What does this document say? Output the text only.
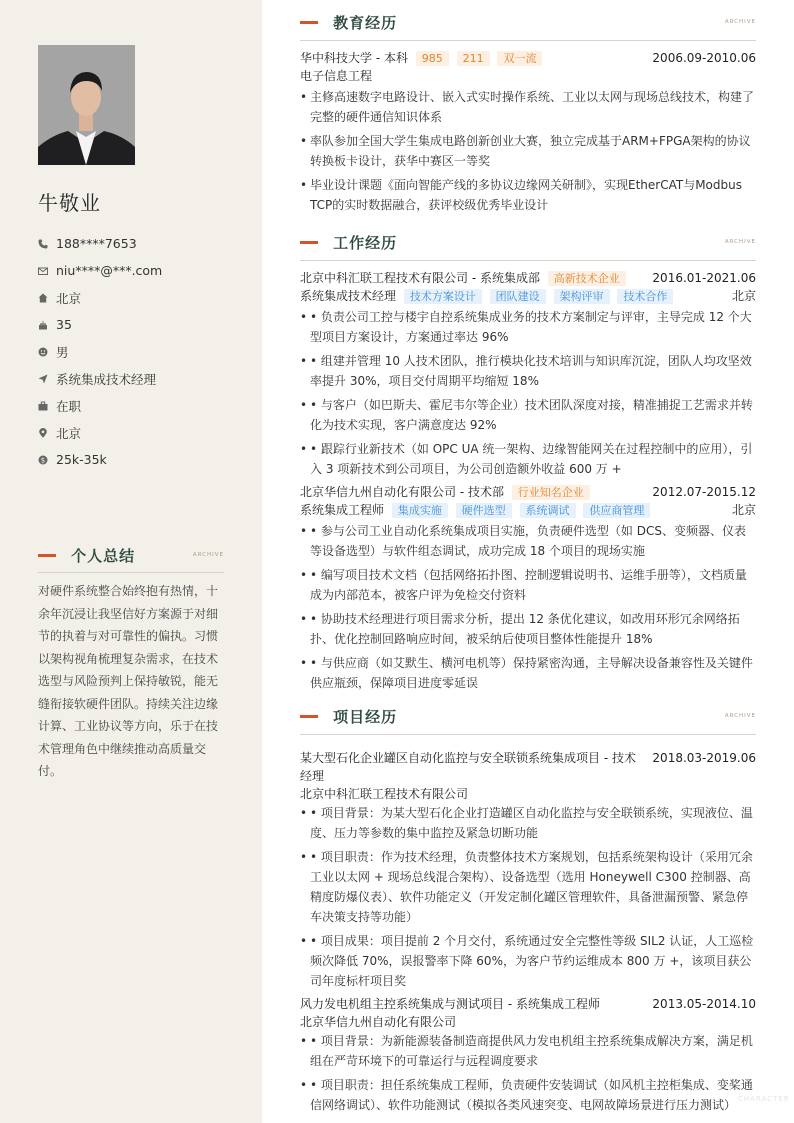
牛敬业
188****7653
niu****@***.com
北京
35
男
系统集成技术经理
在职
北京
$ 25k-35k
个人总结	ARCHIVE
对硬件系统整合始终抱有热情，十余年沉浸让我坚信好方案源于对细节的执着与对可靠性的偏执。习惯以架构视角梳理复杂需求，在技术选型与风险预判上保持敏锐，能无缝衔接软硬件团队。持续关注边缘计算、工业协议等方向，乐于在技术管理角色中继续推动高质量交付。
教育经历	ARCHIVE
华中科技大学 - 本科 985 211 双一流	2006.09-2010.06
电子信息工程
• 主修高速数字电路设计、嵌入式实时操作系统、工业以太网与现场总线技术，构建了完整的硬件通信知识体系
• 率队参加全国大学生集成电路创新创业大赛，独立完成基于ARM+FPGA架构的协议转换板卡设计，获华中赛区一等奖
• 毕业设计课题《面向智能产线的多协议边缘网关研制》，实现EtherCAT与Modbus TCP的实时数据融合，获评校级优秀毕业设计
工作经历	ARCHIVE
北京中科汇联工程技术有限公司 - 系统集成部 高新技术企业	2016.01-2021.06
系统集成技术经理 技术方案设计 团队建设 架构评审 技术合作	北京
• • 负责公司工控与楼宇自控系统集成业务的技术方案制定与评审，主导完成 12 个大型项目方案设计，方案通过率达 96%
• • 组建并管理 10 人技术团队，推行模块化技术培训与知识库沉淀，团队人均攻坚效率提升 30%，项目交付周期平均缩短 18%
• • 与客户（如巴斯夫、霍尼韦尔等企业）技术团队深度对接，精准捕捉工艺需求并转化为技术实现，客户满意度达 92%
• • 跟踪行业新技术（如 OPC UA 统一架构、边缘智能网关在过程控制中的应用），引入 3 项新技术到公司项目，为公司创造额外收益 600 万 +
北京华信九州自动化有限公司 - 技术部 行业知名企业	2012.07-2015.12
系统集成工程师 集成实施 硬件选型 系统调试 供应商管理	北京
• • 参与公司工业自动化系统集成项目实施，负责硬件选型（如 DCS、变频器、仪表等设备选型）与软件组态调试，成功完成 18 个项目的现场实施
• • 编写项目技术文档（包括网络拓扑图、控制逻辑说明书、运维手册等），文档质量成为内部范本，被客户评为免检交付资料
• • 协助技术经理进行项目需求分析，提出 12 条优化建议，如改用环形冗余网络拓扑、优化控制回路响应时间，被采纳后使项目整体性能提升 18%
• • 与供应商（如艾默生、横河电机等）保持紧密沟通，主导解决设备兼容性及关键件供应瓶颈，保障项目进度零延误
项目经历	ARCHIVE
某大型石化企业罐区自动化监控与安全联锁系统集成项目 - 技术 2018.03-2019.06
经理
北京中科汇联工程技术有限公司
• • 项目背景：为某大型石化企业打造罐区自动化监控与安全联锁系统，实现液位、温度、压力等参数的集中监控及紧急切断功能
• • 项目职责：作为技术经理，负责整体技术方案规划，包括系统架构设计（采用冗余工业以太网 + 现场总线混合架构）、设备选型（选用 Honeywell C300 控制器、高精度防爆仪表）、软件功能定义（开发定制化罐区管理软件，具备泄漏预警、紧急停车决策支持等功能）
• • 项目成果：项目提前 2 个月交付，系统通过安全完整性等级 SIL2 认证，人工巡检频次降低 70%，误报警率下降 60%，为客户节约运维成本 800 万 +，该项目获公司年度标杆项目奖
风力发电机组主控系统集成与测试项目 - 系统集成工程师	2013.05-2014.10
北京华信九州自动化有限公司
• • 项目背景：为新能源装备制造商提供风力发电机组主控系统集成解决方案，满足机组在严苛环境下的可靠运行与远程调度要求
• • 项目职责：担任系统集成工程师，负责硬件安装调试（如风机主控柜集成、变桨通信网络调试）、软件功能测试（模拟各类风速突变、电网故障场景进行压力测试） CHARACTER
